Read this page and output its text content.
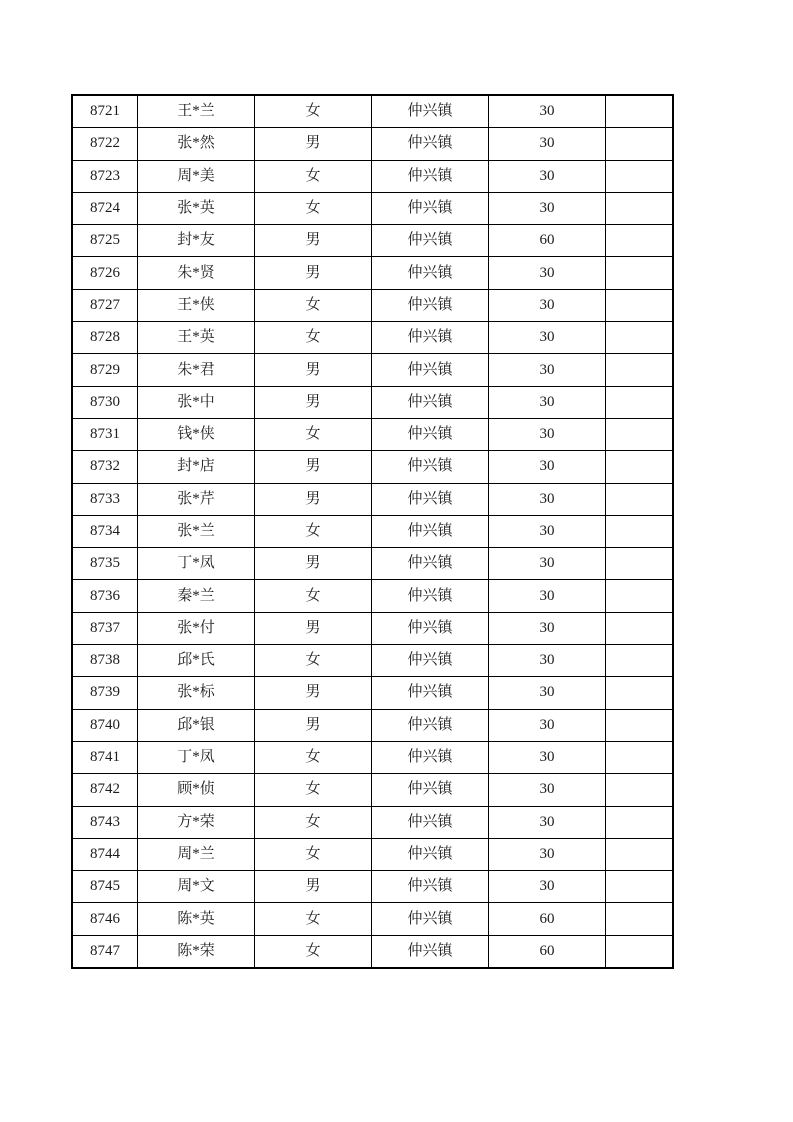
8721	王*兰	女	仲兴镇	30	
8722	张*然	男	仲兴镇	30	
8723	周*美	女	仲兴镇	30	
8724	张*英	女	仲兴镇	30	
8725	封*友	男	仲兴镇	60	
8726	朱*贤	男	仲兴镇	30	
8727	王*侠	女	仲兴镇	30	
8728	王*英	女	仲兴镇	30	
8729	朱*君	男	仲兴镇	30	
8730	张*中	男	仲兴镇	30	
8731	钱*侠	女	仲兴镇	30	
8732	封*店	男	仲兴镇	30	
8733	张*芹	男	仲兴镇	30	
8734	张*兰	女	仲兴镇	30	
8735	丁*凤	男	仲兴镇	30	
8736	秦*兰	女	仲兴镇	30	
8737	张*付	男	仲兴镇	30	
8738	邱*氏	女	仲兴镇	30	
8739	张*标	男	仲兴镇	30	
8740	邱*银	男	仲兴镇	30	
8741	丁*凤	女	仲兴镇	30	
8742	顾*侦	女	仲兴镇	30	
8743	方*荣	女	仲兴镇	30	
8744	周*兰	女	仲兴镇	30	
8745	周*文	男	仲兴镇	30	
8746	陈*英	女	仲兴镇	60	
8747	陈*荣	女	仲兴镇	60	
